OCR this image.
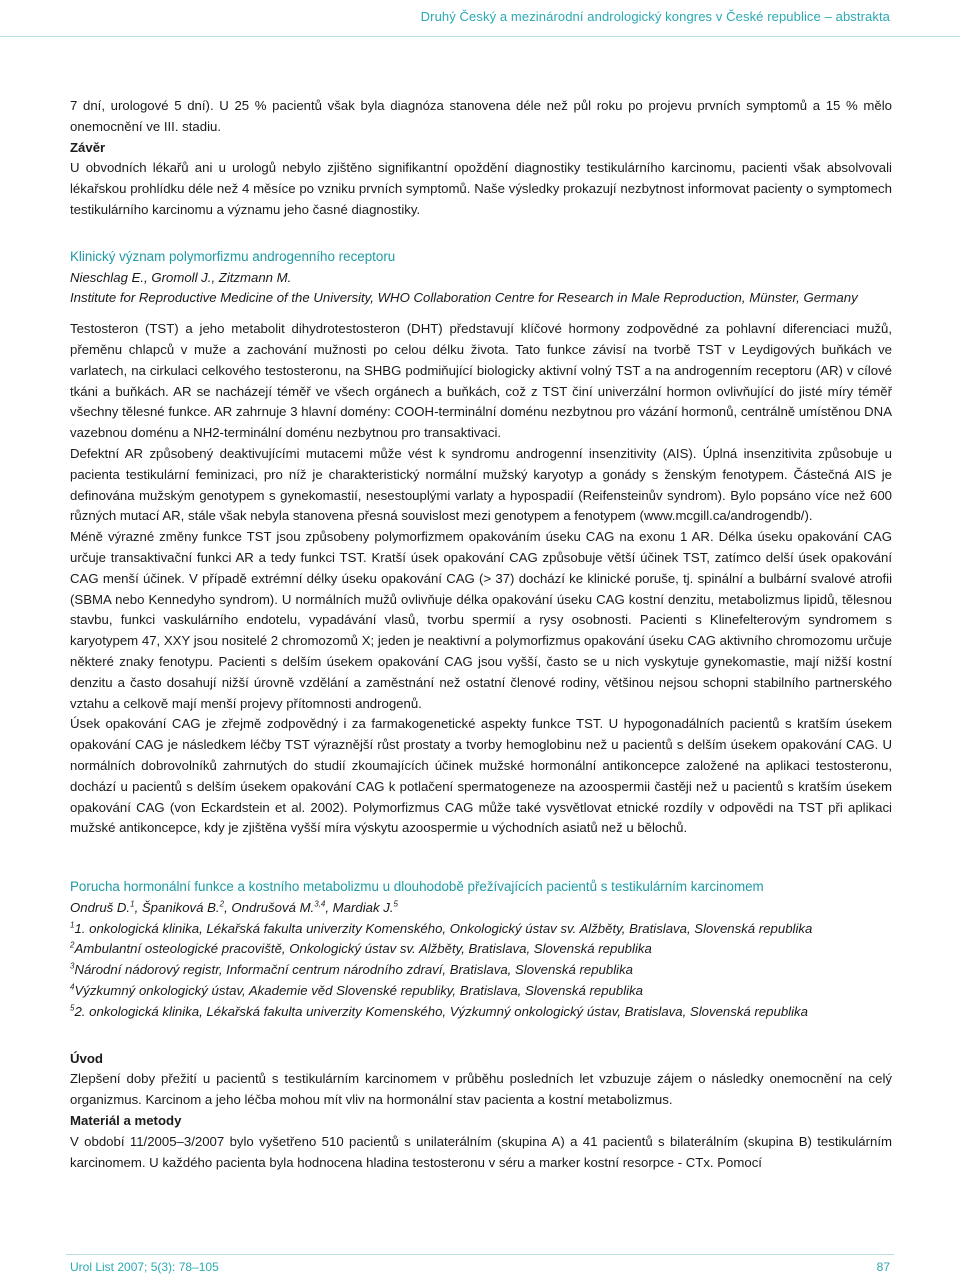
Druhý Český a mezinárodní andrologický kongres v České republice – abstrakta

7 dní, urologové 5 dní). U 25 % pacientů však byla diagnóza stanovena déle než půl roku po projevu prvních symptomů a 15 % mělo onemocnění ve III. stadiu.

Závěr

U obvodních lékařů ani u urologů nebylo zjištěno signifikantní opoždění diagnostiky testikulárního karcinomu, pacienti však absolvovali lékařskou prohlídku déle než 4 měsíce po vzniku prvních symptomů. Naše výsledky prokazují nezbytnost informovat pacienty o symptomech testikulárního karcinomu a významu jeho časné diagnostiky.

Klinický význam polymorfizmu androgenního receptoru

Nieschlag E., Gromoll J., Zitzmann M.

Institute for Reproductive Medicine of the University, WHO Collaboration Centre for Research in Male Reproduction, Münster, Germany

Testosteron (TST) a jeho metabolit dihydrotestosteron (DHT) představují klíčové hormony zodpovědné za pohlavní diferenciaci mužů, přeměnu chlapců v muže a zachování mužnosti po celou délku života. Tato funkce závisí na tvorbě TST v Leydigových buňkách ve varlatech, na cirkulaci celkového testosteronu, na SHBG podmiňující biologicky aktivní volný TST a na androgenním receptoru (AR) v cílové tkáni a buňkách. AR se nacházejí téměř ve všech orgánech a buňkách, což z TST činí univerzální hormon ovlivňující do jisté míry téměř všechny tělesné funkce. AR zahrnuje 3 hlavní domény: COOH-terminální doménu nezbytnou pro vázání hormonů, centrálně umístěnou DNA vazebnou doménu a NH2-terminální doménu nezbytnou pro transaktivaci.

Defektní AR způsobený deaktivujícími mutacemi může vést k syndromu androgenní insenzitivity (AIS). Úplná insenzitivita způsobuje u pacienta testikulární feminizaci, pro níž je charakteristický normální mužský karyotyp a gonády s ženským fenotypem. Částečná AIS je definována mužským genotypem s gynekomastií, nesestouplými varlaty a hypospadií (Reifensteinův syndrom). Bylo popsáno více než 600 různých mutací AR, stále však nebyla stanovena přesná souvislost mezi genotypem a fenotypem (www.mcgill.ca/androgendb/).

Méně výrazné změny funkce TST jsou způsobeny polymorfizmem opakováním úseku CAG na exonu 1 AR. Délka úseku opakování CAG určuje transaktivační funkci AR a tedy funkci TST. Kratší úsek opakování CAG způsobuje větší účinek TST, zatímco delší úsek opakování CAG menší účinek. V případě extrémní délky úseku opakování CAG (> 37) dochází ke klinické poruše, tj. spinální a bulbární svalové atrofii (SBMA nebo Kennedyho syndrom). U normálních mužů ovlivňuje délka opakování úseku CAG kostní denzitu, metabolizmus lipidů, tělesnou stavbu, funkci vaskulárního endotelu, vypadávání vlasů, tvorbu spermií a rysy osobnosti. Pacienti s Klinefelterovým syndromem s karyotypem 47, XXY jsou nositelé 2 chromozomů X; jeden je neaktivní a polymorfizmus opakování úseku CAG aktivního chromozomu určuje některé znaky fenotypu. Pacienti s delším úsekem opakování CAG jsou vyšší, často se u nich vyskytuje gynekomastie, mají nižší kostní denzitu a často dosahují nižší úrovně vzdělání a zaměstnání než ostatní členové rodiny, většinou nejsou schopni stabilního partnerského vztahu a celkově mají menší projevy přítomnosti androgenů.

Úsek opakování CAG je zřejmě zodpovědný i za farmakogenetické aspekty funkce TST. U hypogonadálních pacientů s kratším úsekem opakování CAG je následkem léčby TST výraznější růst prostaty a tvorby hemoglobinu než u pacientů s delším úsekem opakování CAG. U normálních dobrovolníků zahrnutých do studií zkoumajících účinek mužské hormonální antikoncepce založené na aplikaci testosteronu, dochází u pacientů s delším úsekem opakování CAG k potlačení spermatogeneze na azoospermii častěji než u pacientů s kratším úsekem opakování CAG (von Eckardstein et al. 2002). Polymorfizmus CAG může také vysvětlovat etnické rozdíly v odpovědi na TST při aplikaci mužské antikoncepce, kdy je zjištěna vyšší míra výskytu azoospermie u východních asiatů než u bělochů.

Porucha hormonální funkce a kostního metabolizmu u dlouhodobě přežívajících pacientů s testikulárním karcinomem

Ondruš D.$^1$, Španiková B.$^2$, Ondrušová M.$^{3,4}$, Mardiak J.$^5$

$^1$1. onkologická klinika, Lékařská fakulta univerzity Komenského, Onkologický ústav sv. Alžběty, Bratislava, Slovenská republika

$^2$Ambulantní osteologické pracoviště, Onkologický ústav sv. Alžběty, Bratislava, Slovenská republika

$^3$Národní nádorový registr, Informační centrum národního zdraví, Bratislava, Slovenská republika

$^4$Výzkumný onkologický ústav, Akademie věd Slovenské republiky, Bratislava, Slovenská republika

$^5$2. onkologická klinika, Lékařská fakulta univerzity Komenského, Výzkumný onkologický ústav, Bratislava, Slovenská republika

Úvod

Zlepšení doby přežití u pacientů s testikulárním karcinomem v průběhu posledních let vzbuzuje zájem o následky onemocnění na celý organizmus. Karcinom a jeho léčba mohou mít vliv na hormonální stav pacienta a kostní metabolizmus.

Materiál a metody

V období 11/2005–3/2007 bylo vyšetřeno 510 pacientů s unilaterálním (skupina A) a 41 pacientů s bilaterálním (skupina B) testikulárním karcinomem. U každého pacienta byla hodnocena hladina testosteronu v séru a marker kostní resorpce - CTx. Pomocí

Urol List 2007; 5(3): 78–105	87
